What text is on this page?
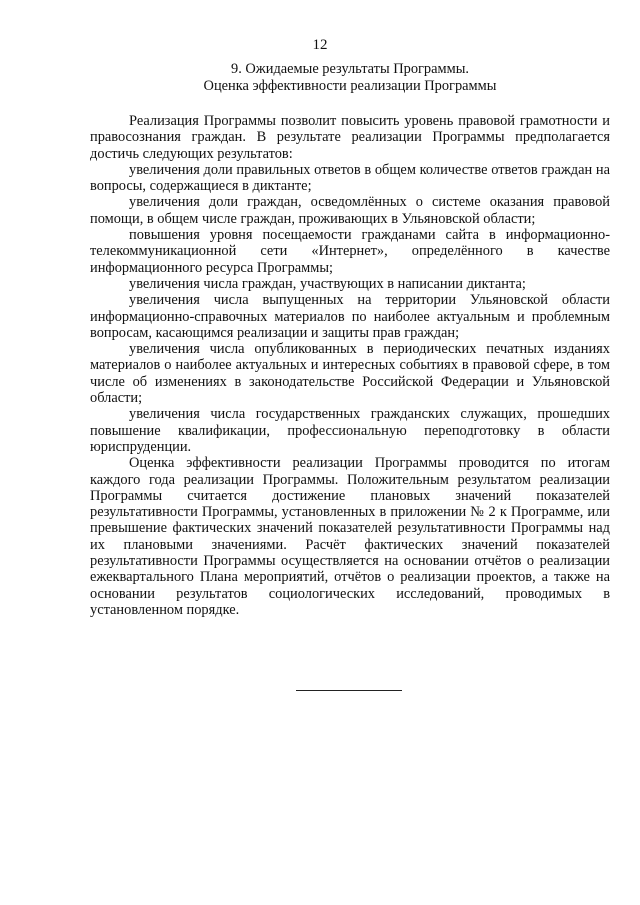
12
9. Ожидаемые результаты Программы.
Оценка эффективности реализации Программы

Реализация Программы позволит повысить уровень правовой грамотности и правосознания граждан. В результате реализации Программы предполагается достичь следующих результатов:

увеличения доли правильных ответов в общем количестве ответов граждан на вопросы, содержащиеся в диктанте;

увеличения доли граждан, осведомлённых о системе оказания правовой помощи, в общем числе граждан, проживающих в Ульяновской области;

повышения уровня посещаемости гражданами сайта в информационно-телекоммуникационной сети «Интернет», определённого в качестве информационного ресурса Программы;

увеличения числа граждан, участвующих в написании диктанта;

увеличения числа выпущенных на территории Ульяновской области информационно-справочных материалов по наиболее актуальным и проблемным вопросам, касающимся реализации и защиты прав граждан;

увеличения числа опубликованных в периодических печатных изданиях материалов о наиболее актуальных и интересных событиях в правовой сфере, в том числе об изменениях в законодательстве Российской Федерации и Ульяновской области;

увеличения числа государственных гражданских служащих, прошедших повышение квалификации, профессиональную переподготовку в области юриспруденции.

Оценка эффективности реализации Программы проводится по итогам каждого года реализации Программы. Положительным результатом реализации Программы считается достижение плановых значений показателей результативности Программы, установленных в приложении № 2 к Программе, или превышение фактических значений показателей результативности Программы над их плановыми значениями. Расчёт фактических значений показателей результативности Программы осуществляется на основании отчётов о реализации ежеквартального Плана мероприятий, отчётов о реализации проектов, а также на основании результатов социологических исследований, проводимых в установленном порядке.
